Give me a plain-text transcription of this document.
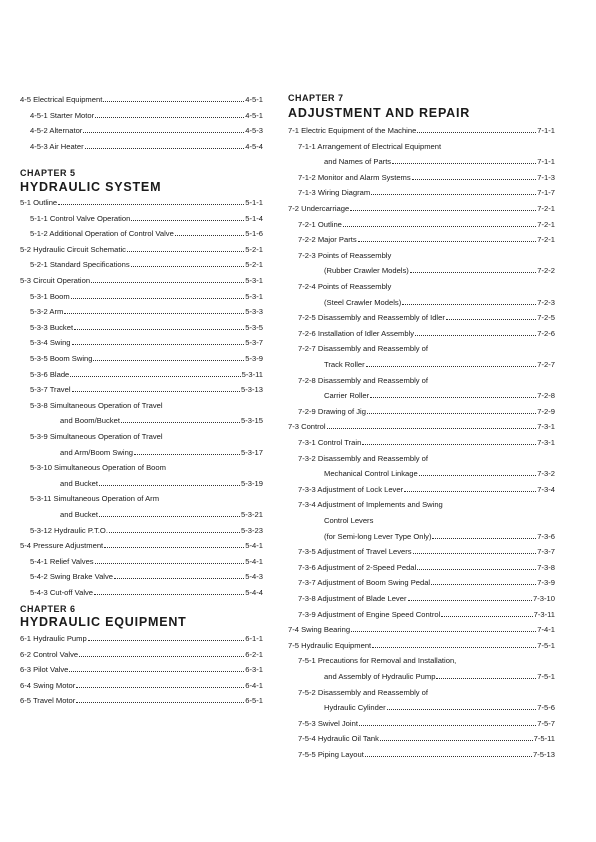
4-5 Electrical Equipment	4-5-1
4-5-1 Starter Motor	4-5-1
4-5-2 Alternator	4-5-3
4-5-3 Air Heater	4-5-4
CHAPTER 5
HYDRAULIC SYSTEM
5-1 Outline	5-1-1
5-1-1 Control Valve Operation	5-1-4
5-1-2 Additional Operation of Control Valve	5-1-6
5-2 Hydraulic Circuit Schematic	5-2-1
5-2-1 Standard Specifications	5-2-1
5-3 Circuit Operation	5-3-1
5-3-1 Boom	5-3-1
5-3-2 Arm	5-3-3
5-3-3 Bucket	5-3-5
5-3-4 Swing	5-3-7
5-3-5 Boom Swing	5-3-9
5-3-6 Blade	5-3-11
5-3-7 Travel	5-3-13
5-3-8 Simultaneous Operation of Travel
and Boom/Bucket	5-3-15
5-3-9 Simultaneous Operation of Travel
and Arm/Boom Swing	5-3-17
5-3-10 Simultaneous Operation of Boom
and Bucket	5-3-19
5-3-11 Simultaneous Operation of Arm
and Bucket	5-3-21
5-3-12 Hydraulic P.T.O.	5-3-23
5-4 Pressure Adjustment	5-4-1
5-4-1 Relief Valves	5-4-1
5-4-2 Swing Brake Valve	5-4-3
5-4-3 Cut-off Valve	5-4-4
CHAPTER 6
HYDRAULIC EQUIPMENT
6-1 Hydraulic Pump	6-1-1
6-2 Control Valve	6-2-1
6-3 Pilot Valve	6-3-1
6-4 Swing Motor	6-4-1
6-5 Travel Motor	6-5-1
CHAPTER 7
ADJUSTMENT AND REPAIR
7-1 Electric Equipment of the Machine	7-1-1
7-1-1 Arrangement of Electrical Equipment
and Names of Parts	7-1-1
7-1-2 Monitor and Alarm Systems	7-1-3
7-1-3 Wiring Diagram	7-1-7
7-2 Undercarriage	7-2-1
7-2-1 Outline	7-2-1
7-2-2 Major Parts	7-2-1
7-2-3 Points of Reassembly
(Rubber Crawler Models)	7-2-2
7-2-4 Points of Reassembly
(Steel Crawler Models)	7-2-3
7-2-5 Disassembly and Reassembly of Idler	7-2-5
7-2-6 Installation of Idler Assembly	7-2-6
7-2-7 Disassembly and Reassembly of
Track Roller	7-2-7
7-2-8 Disassembly and Reassembly of
Carrier Roller	7-2-8
7-2-9 Drawing of Jig	7-2-9
7-3 Control	7-3-1
7-3-1 Control Train	7-3-1
7-3-2 Disassembly and Reassembly of
Mechanical Control Linkage	7-3-2
7-3-3 Adjustment of Lock Lever	7-3-4
7-3-4 Adjustment of Implements and Swing
Control Levers
(for Semi-long Lever Type Only)	7-3-6
7-3-5 Adjustment of Travel Levers	7-3-7
7-3-6 Adjustment of 2-Speed Pedal	7-3-8
7-3-7 Adjustment of Boom Swing Pedal	7-3-9
7-3-8 Adjustment of Blade Lever	7-3-10
7-3-9 Adjustment of Engine Speed Control	7-3-11
7-4 Swing Bearing	7-4-1
7-5 Hydraulic Equipment	7-5-1
7-5-1 Precautions for Removal and Installation,
and Assembly of Hydraulic Pump	7-5-1
7-5-2 Disassembly and Reassembly of
Hydraulic Cylinder	7-5-6
7-5-3 Swivel Joint	7-5-7
7-5-4 Hydraulic Oil Tank	7-5-11
7-5-5 Piping Layout	7-5-13
